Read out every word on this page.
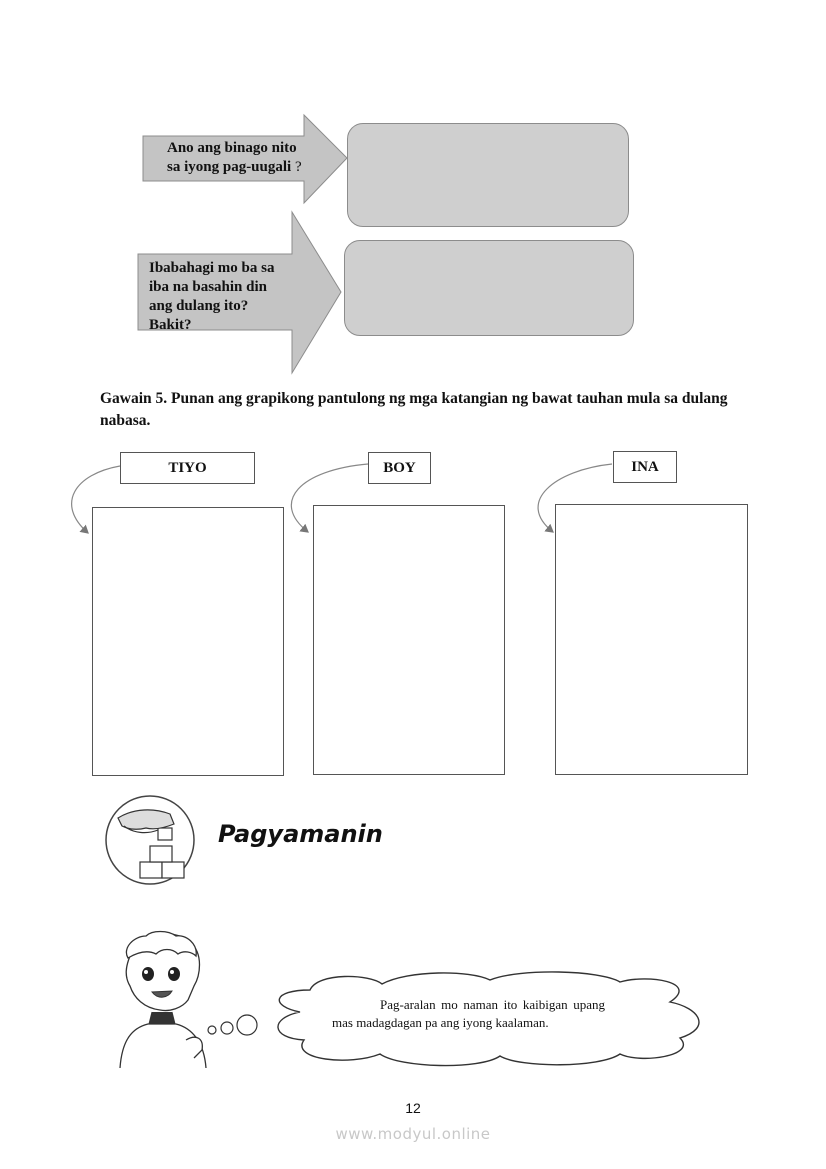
Ano ang binago nito
sa iyong pag-uugali ?
Ibabahagi mo ba sa
iba na basahin din
ang dulang ito?
Bakit?
Gawain 5. Punan ang grapikong pantulong ng mga katangian ng bawat tauhan mula sa dulang nabasa.
TIYO	BOY	INA
Pagyamanin
Pag-aralan mo naman ito kaibigan upang mas madagdagan pa ang iyong kaalaman.
12
www.modyul.online
